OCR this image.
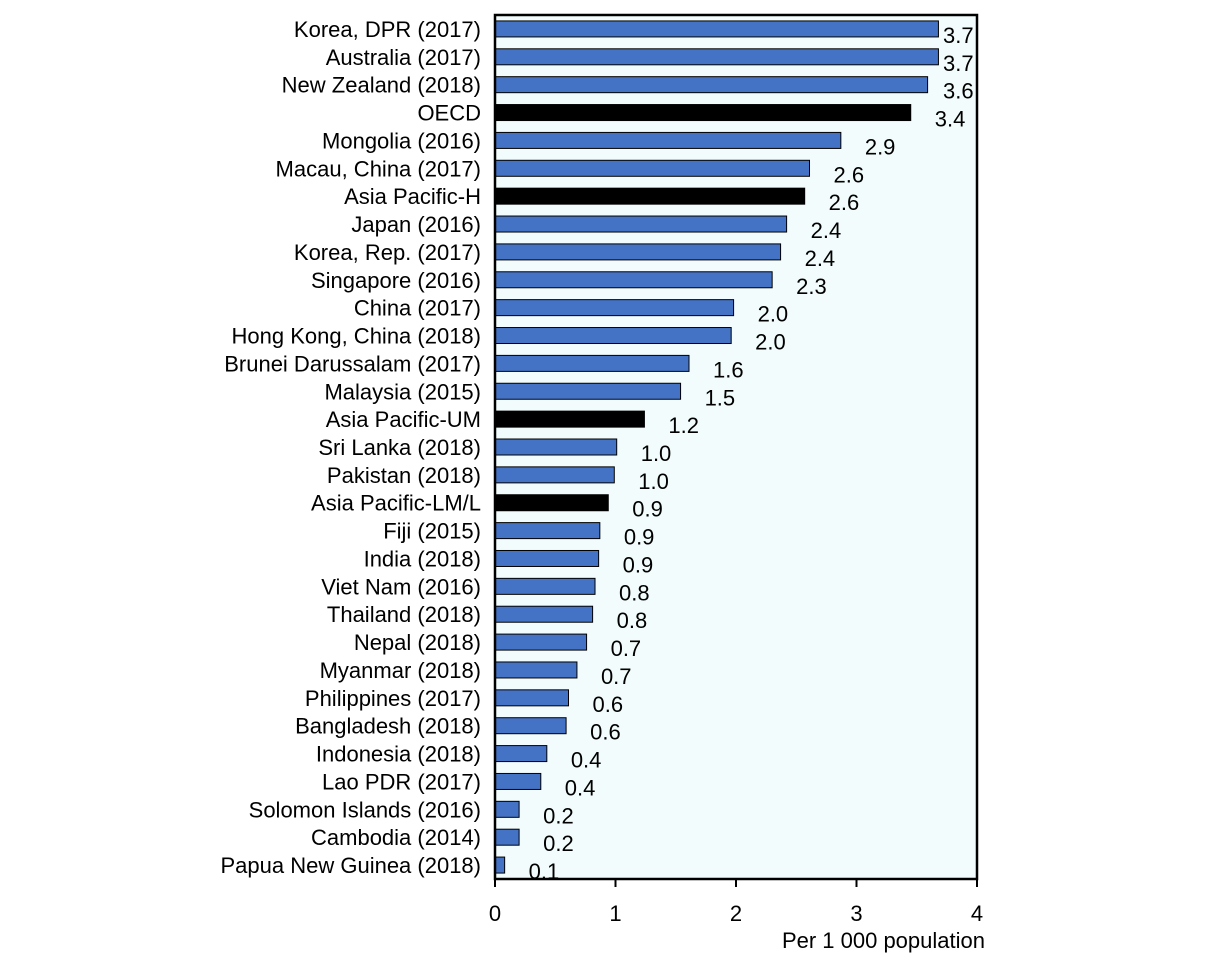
Korea, DPR (2017)
Australia (2017)
New Zealand (2018)
OECD
Mongolia (2016)
Macau, China (2017)
Asia Pacific-H
Japan (2016)
Korea, Rep. (2017)
Singapore (2016)
China (2017)
Hong Kong, China (2018)
Brunei Darussalam (2017)
Malaysia (2015)
Asia Pacific-UM
Sri Lanka (2018)
Pakistan (2018)
Asia Pacific-LM/L
Fiji (2015)
India (2018)
Viet Nam (2016)
Thailand (2018)
Nepal (2018)
Myanmar (2018)
Philippines (2017)
Bangladesh (2018)
Indonesia (2018)
Lao PDR (2017)
Solomon Islands (2016)
Cambodia (2014)
Papua New Guinea (2018)
3.7
3.7
3.6
3.4
2.9
2.6
2.6
2.4
2.4
2.3
2.0
2.0
1.6
1.5
1.2
1.0
1.0
0.9
0.9
0.9
0.8
0.8
0.7
0.7
0.6
0.6
0.4
0.4
0.2
0.2
0.1
0	1	2	3	4
Per 1 000 population
